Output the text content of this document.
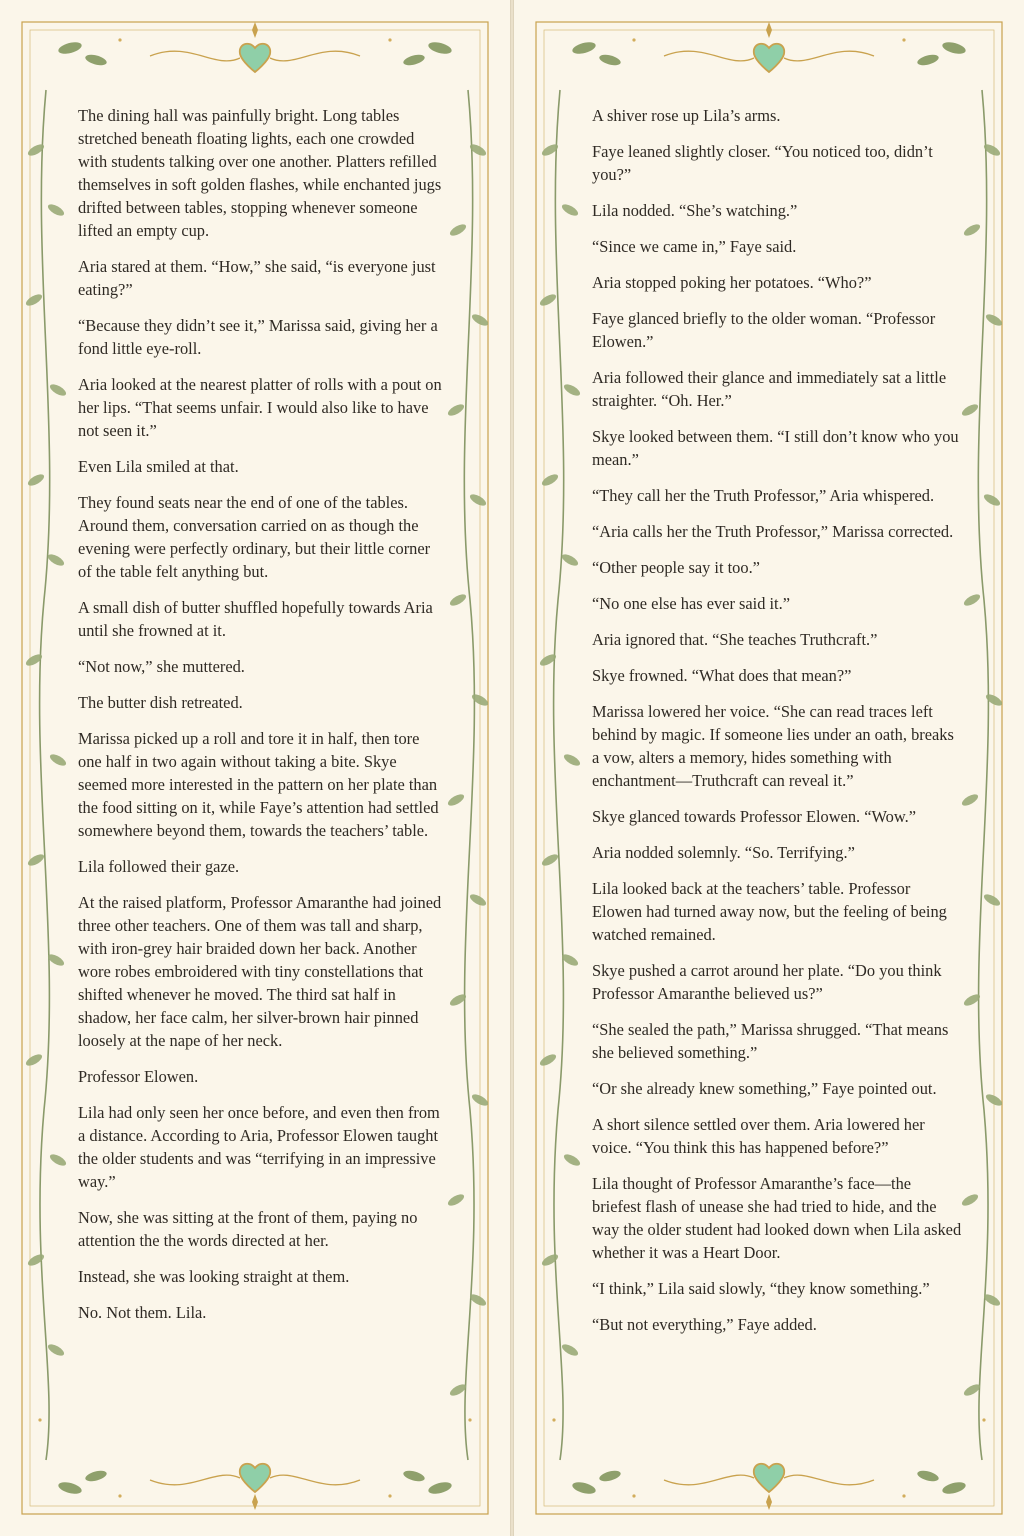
The dining hall was painfully bright. Long tables stretched beneath floating lights, each one crowded with students talking over one another. Platters refilled themselves in soft golden flashes, while enchanted jugs drifted between tables, stopping whenever someone lifted an empty cup.

Aria stared at them. “How,” she said, “is everyone just eating?”

“Because they didn’t see it,” Marissa said, giving her a fond little eye-roll.

Aria looked at the nearest platter of rolls with a pout on her lips. “That seems unfair. I would also like to have not seen it.”

Even Lila smiled at that.

They found seats near the end of one of the tables. Around them, conversation carried on as though the evening were perfectly ordinary, but their little corner of the table felt anything but.

A small dish of butter shuffled hopefully towards Aria until she frowned at it.

“Not now,” she muttered.

The butter dish retreated.

Marissa picked up a roll and tore it in half, then tore one half in two again without taking a bite. Skye seemed more interested in the pattern on her plate than the food sitting on it, while Faye’s attention had settled somewhere beyond them, towards the teachers’ table.

Lila followed their gaze.

At the raised platform, Professor Amaranthe had joined three other teachers. One of them was tall and sharp, with iron-grey hair braided down her back. Another wore robes embroidered with tiny constellations that shifted whenever he moved. The third sat half in shadow, her face calm, her silver-brown hair pinned loosely at the nape of her neck.

Professor Elowen.

Lila had only seen her once before, and even then from a distance. According to Aria, Professor Elowen taught the older students and was “terrifying in an impressive way.”

Now, she was sitting at the front of them, paying no attention the the words directed at her.

Instead, she was looking straight at them.

No. Not them. Lila.

A shiver rose up Lila’s arms.

Faye leaned slightly closer. “You noticed too, didn’t you?”

Lila nodded. “She’s watching.”

“Since we came in,” Faye said.

Aria stopped poking her potatoes. “Who?”

Faye glanced briefly to the older woman. “Professor Elowen.”

Aria followed their glance and immediately sat a little straighter. “Oh. Her.”

Skye looked between them. “I still don’t know who you mean.”

“They call her the Truth Professor,” Aria whispered.

“Aria calls her the Truth Professor,” Marissa corrected.

“Other people say it too.”

“No one else has ever said it.”

Aria ignored that. “She teaches Truthcraft.”

Skye frowned. “What does that mean?”

Marissa lowered her voice. “She can read traces left behind by magic. If someone lies under an oath, breaks a vow, alters a memory, hides something with enchantment—Truthcraft can reveal it.”

Skye glanced towards Professor Elowen. “Wow.”

Aria nodded solemnly. “So. Terrifying.”

Lila looked back at the teachers’ table. Professor Elowen had turned away now, but the feeling of being watched remained.

Skye pushed a carrot around her plate. “Do you think Professor Amaranthe believed us?”

“She sealed the path,” Marissa shrugged. “That means she believed something.”

“Or she already knew something,” Faye pointed out.

A short silence settled over them. Aria lowered her voice. “You think this has happened before?”

Lila thought of Professor Amaranthe’s face—the briefest flash of unease she had tried to hide, and the way the older student had looked down when Lila asked whether it was a Heart Door.

“I think,” Lila said slowly, “they know something.”

“But not everything,” Faye added.
